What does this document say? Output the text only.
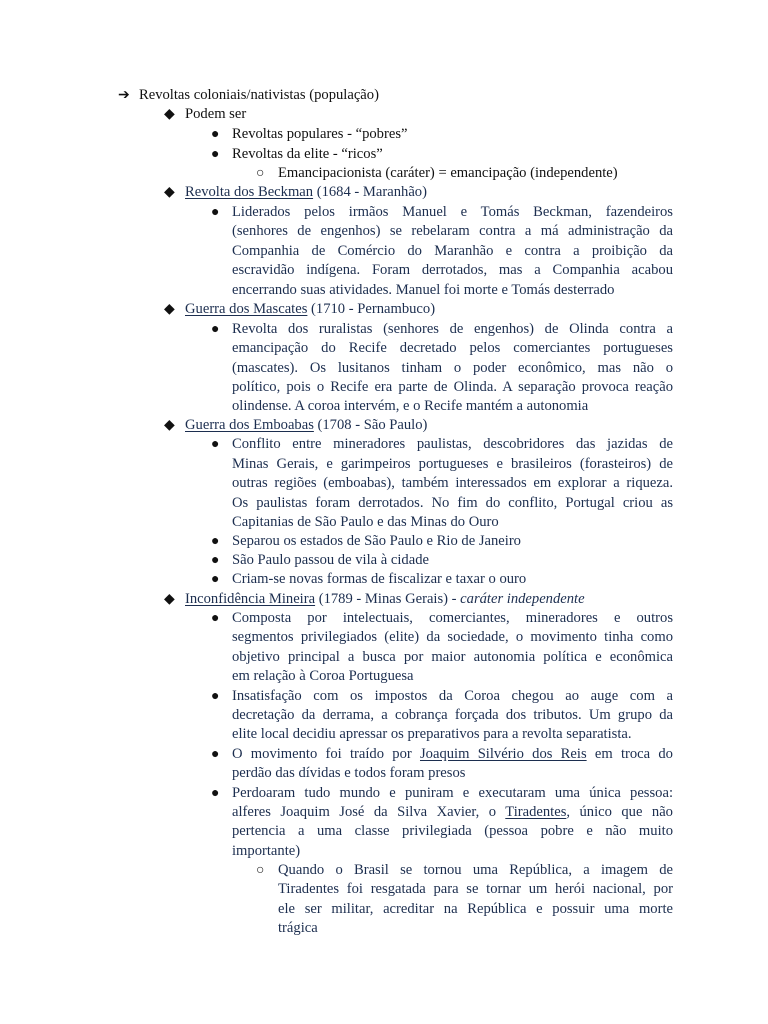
➔ Revoltas coloniais/nativistas (população)
◆ Podem ser
● Revoltas populares - “pobres”
● Revoltas da elite - “ricos”
○ Emancipacionista (caráter) = emancipação (independente)
◆ Revolta dos Beckman (1684 - Maranhão)
● Liderados pelos irmãos Manuel e Tomás Beckman, fazendeiros
(senhores de engenhos) se rebelaram contra a má administração da
Companhia de Comércio do Maranhão e contra a proibição da
escravidão indígena. Foram derrotados, mas a Companhia acabou
encerrando suas atividades. Manuel foi morte e Tomás desterrado
◆ Guerra dos Mascates (1710 - Pernambuco)
● Revolta dos ruralistas (senhores de engenhos) de Olinda contra a
emancipação do Recife decretado pelos comerciantes portugueses
(mascates). Os lusitanos tinham o poder econômico, mas não o
político, pois o Recife era parte de Olinda. A separação provoca reação
olindense. A coroa intervém, e o Recife mantém a autonomia
◆ Guerra dos Emboabas (1708 - São Paulo)
● Conflito entre mineradores paulistas, descobridores das jazidas de
Minas Gerais, e garimpeiros portugueses e brasileiros (forasteiros) de
outras regiões (emboabas), também interessados em explorar a riqueza.
Os paulistas foram derrotados. No fim do conflito, Portugal criou as
Capitanias de São Paulo e das Minas do Ouro
● Separou os estados de São Paulo e Rio de Janeiro
● São Paulo passou de vila à cidade
● Criam-se novas formas de fiscalizar e taxar o ouro
◆ Inconfidência Mineira (1789 - Minas Gerais) - caráter independente
● Composta por intelectuais, comerciantes, mineradores e outros
segmentos privilegiados (elite) da sociedade, o movimento tinha como
objetivo principal a busca por maior autonomia política e econômica
em relação à Coroa Portuguesa
● Insatisfação com os impostos da Coroa chegou ao auge com a
decretação da derrama, a cobrança forçada dos tributos. Um grupo da
elite local decidiu apressar os preparativos para a revolta separatista.
● O movimento foi traído por Joaquim Silvério dos Reis em troca do
perdão das dívidas e todos foram presos
● Perdoaram tudo mundo e puniram e executaram uma única pessoa:
alferes Joaquim José da Silva Xavier, o Tiradentes, único que não
pertencia a uma classe privilegiada (pessoa pobre e não muito
importante)
○ Quando o Brasil se tornou uma República, a imagem de
Tiradentes foi resgatada para se tornar um herói nacional, por
ele ser militar, acreditar na República e possuir uma morte
trágica
